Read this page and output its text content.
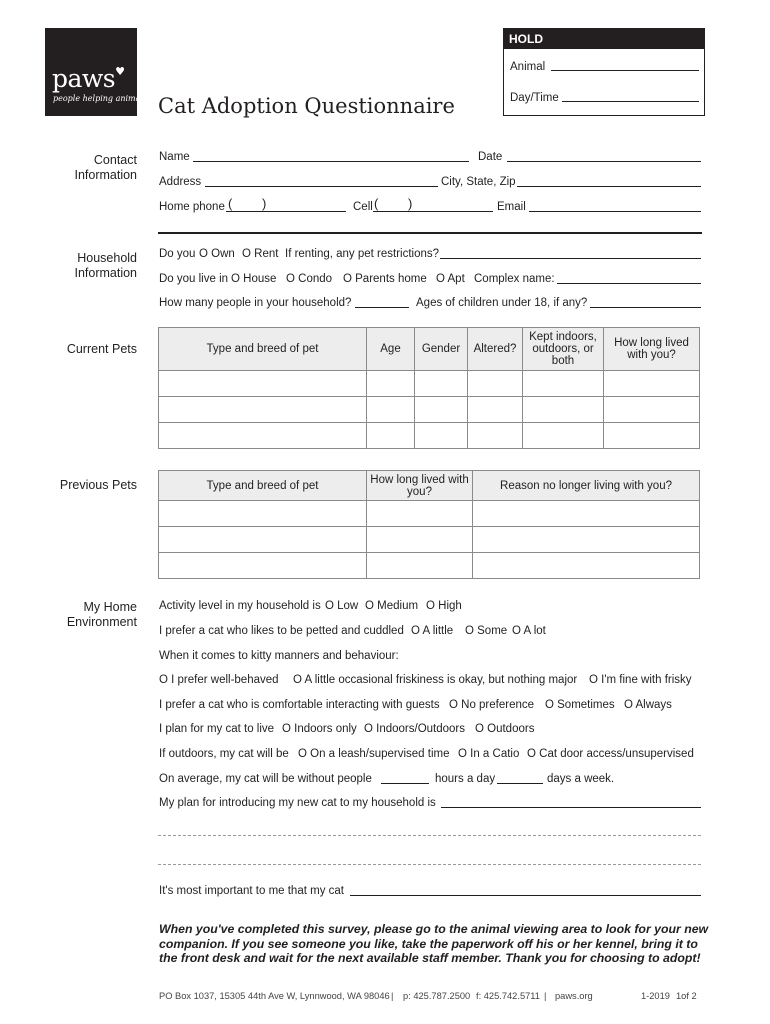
paws♥
people helping animals Cat Adoption Questionnaire
HOLD
Animal
Day/Time
Contact Information
Name	Date
Address	City, State, Zip
Home phone ( )	Cell ( )	Email
Household Information
Do you O Own O Rent If renting, any pet restrictions?
Do you live in O House O Condo O Parents home O Apt Complex name:
How many people in your household?	Ages of children under 18, if any?
Current Pets	Type and breed of pet	Age	Gender	Altered?	Kept indoors, outdoors, or both	How long lived with you?

Previous Pets	Type and breed of pet	How long lived with you?	Reason no longer living with you?

My Home Environment
Activity level in my household is O Low O Medium O High
I prefer a cat who likes to be petted and cuddled O A little O Some O A lot
When it comes to kitty manners and behaviour:
O I prefer well-behaved O A little occasional friskiness is okay, but nothing major O I'm fine with frisky
I prefer a cat who is comfortable interacting with guests O No preference O Sometimes O Always
I plan for my cat to live O Indoors only O Indoors/Outdoors O Outdoors
If outdoors, my cat will be O On a leash/supervised time O In a Catio O Cat door access/unsupervised
On average, my cat will be without people	hours a day	days a week.
My plan for introducing my new cat to my household is
It's most important to me that my cat
When you've completed this survey, please go to the animal viewing area to look for your new companion. If you see someone you like, take the paperwork off his or her kennel, bring it to the front desk and wait for the next available staff member. Thank you for choosing to adopt!
PO Box 1037, 15305 44th Ave W, Lynnwood, WA 98046 | p: 425.787.2500 f: 425.742.5711 | paws.org	1-2019 1of 2
